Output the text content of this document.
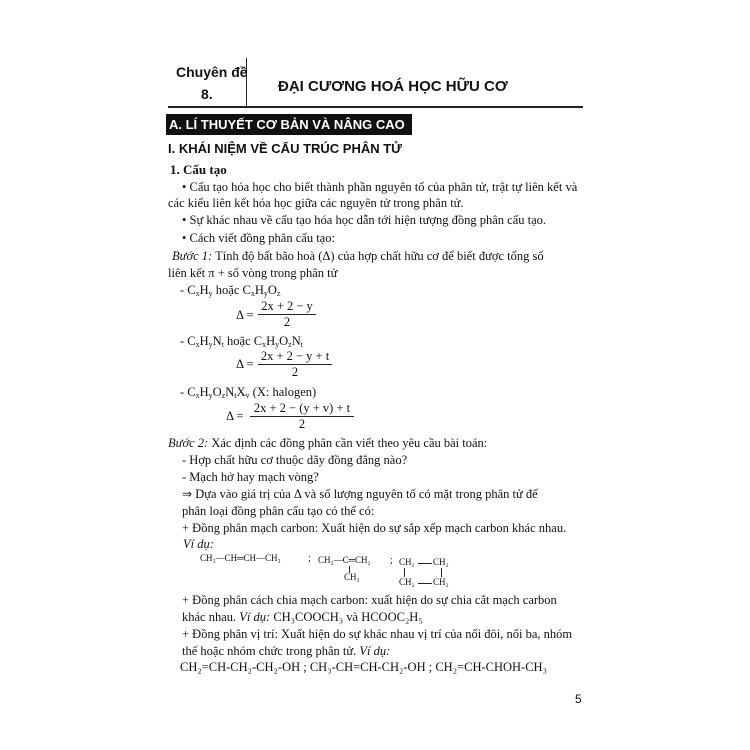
Chuyên đề
8.	ĐẠI CƯƠNG HOÁ HỌC HỮU CƠ
A. LÍ THUYẾT CƠ BẢN VÀ NÂNG CAO
I. KHÁI NIỆM VỀ CẤU TRÚC PHÂN TỬ
1. Cấu tạo
• Cấu tạo hóa học cho biết thành phần nguyên tố của phân tử, trật tự liên kết và
các kiểu liên kết hóa học giữa các nguyên tử trong phân tử.
• Sự khác nhau về cấu tạo hóa học dẫn tới hiện tượng đồng phân cấu tạo.
• Cách viết đồng phân cấu tạo:
Bước 1: Tính độ bất bão hoà (Δ) của hợp chất hữu cơ để biết được tổng số
liên kết π + số vòng trong phân tử
- $C_xH_y$ hoặc $C_xH_yO_z$
$\Delta = \frac{2x + 2 - y}{2}$
- $C_xH_yN_t$ hoặc $C_xH_yO_zN_t$
$\Delta = \frac{2x + 2 - y + t}{2}$
- $C_xH_yO_zN_tX_v$ (X: halogen)
$\Delta = \frac{2x + 2 - (y + v) + t}{2}$
Bước 2: Xác định các đồng phân cần viết theo yêu cầu bài toán:
- Hợp chất hữu cơ thuộc dãy đồng đẳng nào?
- Mạch hở hay mạch vòng?
⇒ Dựa vào giá trị của Δ và số lượng nguyên tố có mặt trong phân tử để
phân loại đồng phân cấu tạo có thể có:
+ Đồng phân mạch carbon: Xuất hiện do sự sắp xếp mạch carbon khác nhau.
Ví dụ:
CH₃—CH═CH—CH₃	; CH₃—C═CH₂
CH₃
; CH₂ CH₂
CH₂ CH₂
+ Đồng phân cách chia mạch carbon: xuất hiện do sự chia cắt mạch carbon
khác nhau. Ví dụ: CH₃COOCH₃ và HCOOC₂H₅
+ Đồng phân vị trí: Xuất hiện do sự khác nhau vị trí của nối đôi, nối ba, nhóm
thế hoặc nhóm chức trong phân tử. Ví dụ:
CH₂=CH-CH₂-CH₂-OH ; CH₃-CH=CH-CH₂-OH ; CH₂=CH-CHOH-CH₃
5
